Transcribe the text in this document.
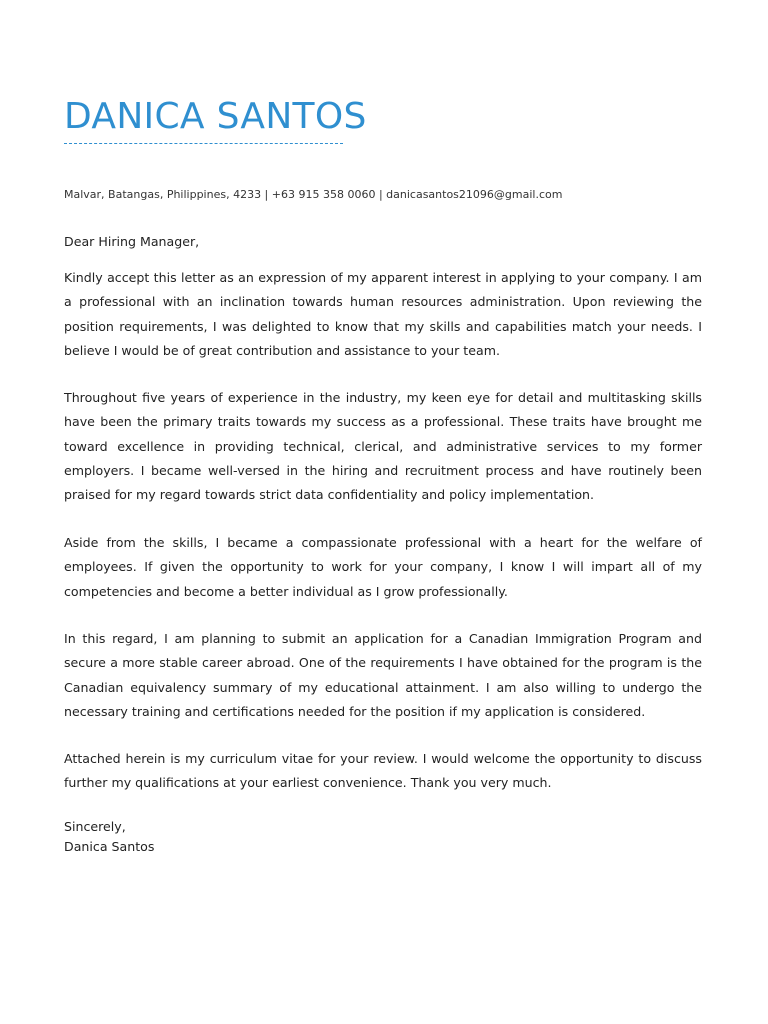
DANICA SANTOS

Malvar, Batangas, Philippines, 4233 | +63 915 358 0060 | danicasantos21096@gmail.com

Dear Hiring Manager,

Kindly accept this letter as an expression of my apparent interest in applying to your company. I am a professional with an inclination towards human resources administration. Upon reviewing the position requirements, I was delighted to know that my skills and capabilities match your needs. I believe I would be of great contribution and assistance to your team.

Throughout five years of experience in the industry, my keen eye for detail and multitasking skills have been the primary traits towards my success as a professional. These traits have brought me toward excellence in providing technical, clerical, and administrative services to my former employers. I became well-versed in the hiring and recruitment process and have routinely been praised for my regard towards strict data confidentiality and policy implementation.

Aside from the skills, I became a compassionate professional with a heart for the welfare of employees. If given the opportunity to work for your company, I know I will impart all of my competencies and become a better individual as I grow professionally.

In this regard, I am planning to submit an application for a Canadian Immigration Program and secure a more stable career abroad. One of the requirements I have obtained for the program is the Canadian equivalency summary of my educational attainment. I am also willing to undergo the necessary training and certifications needed for the position if my application is considered.

Attached herein is my curriculum vitae for your review. I would welcome the opportunity to discuss further my qualifications at your earliest convenience. Thank you very much.

Sincerely,
Danica Santos
